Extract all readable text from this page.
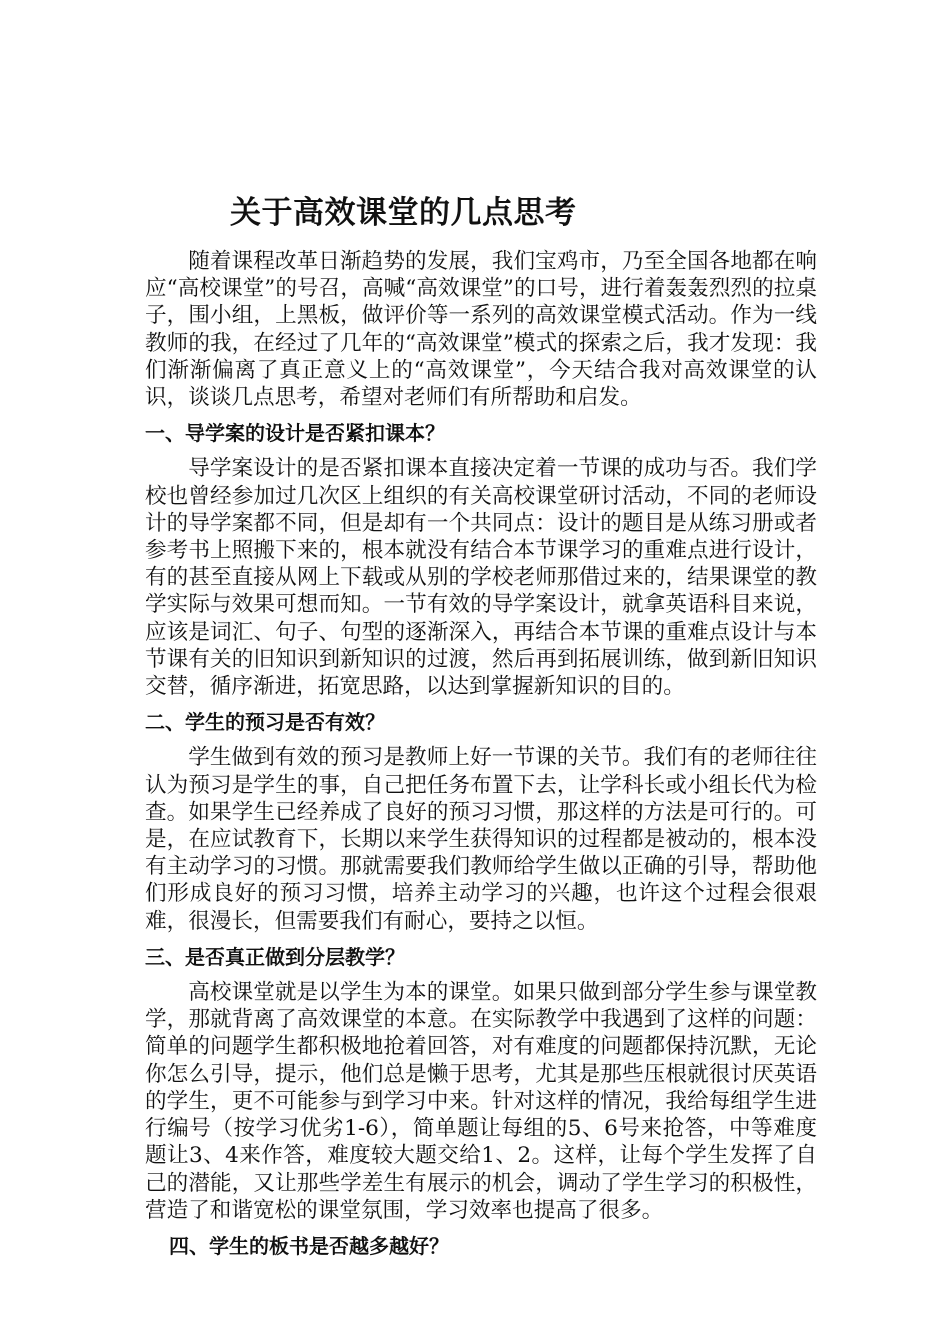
关于高效课堂的几点思考

随着课程改革日渐趋势的发展，我们宝鸡市，乃至全国各地都在响应“高校课堂”的号召，高喊“高效课堂”的口号，进行着轰轰烈烈的拉桌子，围小组，上黑板，做评价等一系列的高效课堂模式活动。作为一线教师的我，在经过了几年的“高效课堂”模式的探索之后，我才发现：我们渐渐偏离了真正意义上的“高效课堂”，今天结合我对高效课堂的认识，谈谈几点思考，希望对老师们有所帮助和启发。

一、导学案的设计是否紧扣课本？

导学案设计的是否紧扣课本直接决定着一节课的成功与否。我们学校也曾经参加过几次区上组织的有关高校课堂研讨活动，不同的老师设计的导学案都不同，但是却有一个共同点：设计的题目是从练习册或者参考书上照搬下来的，根本就没有结合本节课学习的重难点进行设计，有的甚至直接从网上下载或从别的学校老师那借过来的，结果课堂的教学实际与效果可想而知。一节有效的导学案设计，就拿英语科目来说，应该是词汇、句子、句型的逐渐深入，再结合本节课的重难点设计与本节课有关的旧知识到新知识的过渡，然后再到拓展训练，做到新旧知识交替，循序渐进，拓宽思路，以达到掌握新知识的目的。

二、学生的预习是否有效？

学生做到有效的预习是教师上好一节课的关节。我们有的老师往往认为预习是学生的事，自己把任务布置下去，让学科长或小组长代为检查。如果学生已经养成了良好的预习习惯，那这样的方法是可行的。可是，在应试教育下，长期以来学生获得知识的过程都是被动的，根本没有主动学习的习惯。那就需要我们教师给学生做以正确的引导，帮助他们形成良好的预习习惯，培养主动学习的兴趣，也许这个过程会很艰难，很漫长，但需要我们有耐心，要持之以恒。

三、是否真正做到分层教学？

高校课堂就是以学生为本的课堂。如果只做到部分学生参与课堂教学，那就背离了高效课堂的本意。在实际教学中我遇到了这样的问题：简单的问题学生都积极地抢着回答，对有难度的问题都保持沉默，无论你怎么引导，提示，他们总是懒于思考，尤其是那些压根就很讨厌英语的学生，更不可能参与到学习中来。针对这样的情况，我给每组学生进行编号（按学习优劣1-6），简单题让每组的5、6号来抢答，中等难度题让3、4来作答，难度较大题交给1、2。这样，让每个学生发挥了自己的潜能，又让那些学差生有展示的机会，调动了学生学习的积极性，营造了和谐宽松的课堂氛围，学习效率也提高了很多。

四、学生的板书是否越多越好？
